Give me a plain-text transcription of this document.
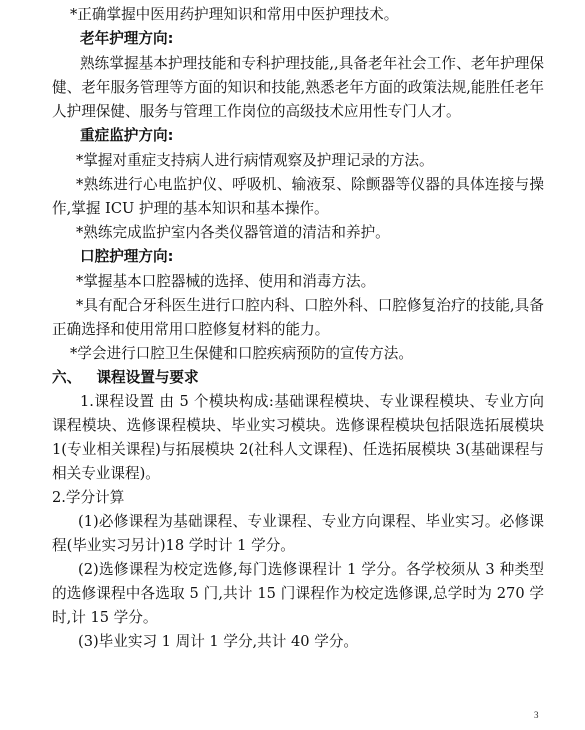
*正确掌握中医用药护理知识和常用中医护理技术。

老年护理方向:

熟练掌握基本护理技能和专科护理技能,,具备老年社会工作、老年护理保健、老年服务管理等方面的知识和技能,熟悉老年方面的政策法规,能胜任老年人护理保健、服务与管理工作岗位的高级技术应用性专门人才。

重症监护方向:

*掌握对重症支持病人进行病情观察及护理记录的方法。

*熟练进行心电监护仪、呼吸机、输液泵、除颤器等仪器的具体连接与操作,掌握 ICU 护理的基本知识和基本操作。

*熟练完成监护室内各类仪器管道的清洁和养护。

口腔护理方向:

*掌握基本口腔器械的选择、使用和消毒方法。

*具有配合牙科医生进行口腔内科、口腔外科、口腔修复治疗的技能,具备正确选择和使用常用口腔修复材料的能力。

*学会进行口腔卫生保健和口腔疾病预防的宣传方法。

六、 课程设置与要求

1.课程设置 由 5 个模块构成:基础课程模块、专业课程模块、专业方向课程模块、选修课程模块、毕业实习模块。选修课程模块包括限选拓展模块 1(专业相关课程)与拓展模块 2(社科人文课程)、任选拓展模块 3(基础课程与相关专业课程)。

2.学分计算

(1)必修课程为基础课程、专业课程、专业方向课程、毕业实习。必修课程(毕业实习另计)18 学时计 1 学分。

(2)选修课程为校定选修,每门选修课程计 1 学分。各学校须从 3 种类型的选修课程中各选取 5 门,共计 15 门课程作为校定选修课,总学时为 270 学时,计 15 学分。

(3)毕业实习 1 周计 1 学分,共计 40 学分。

3
